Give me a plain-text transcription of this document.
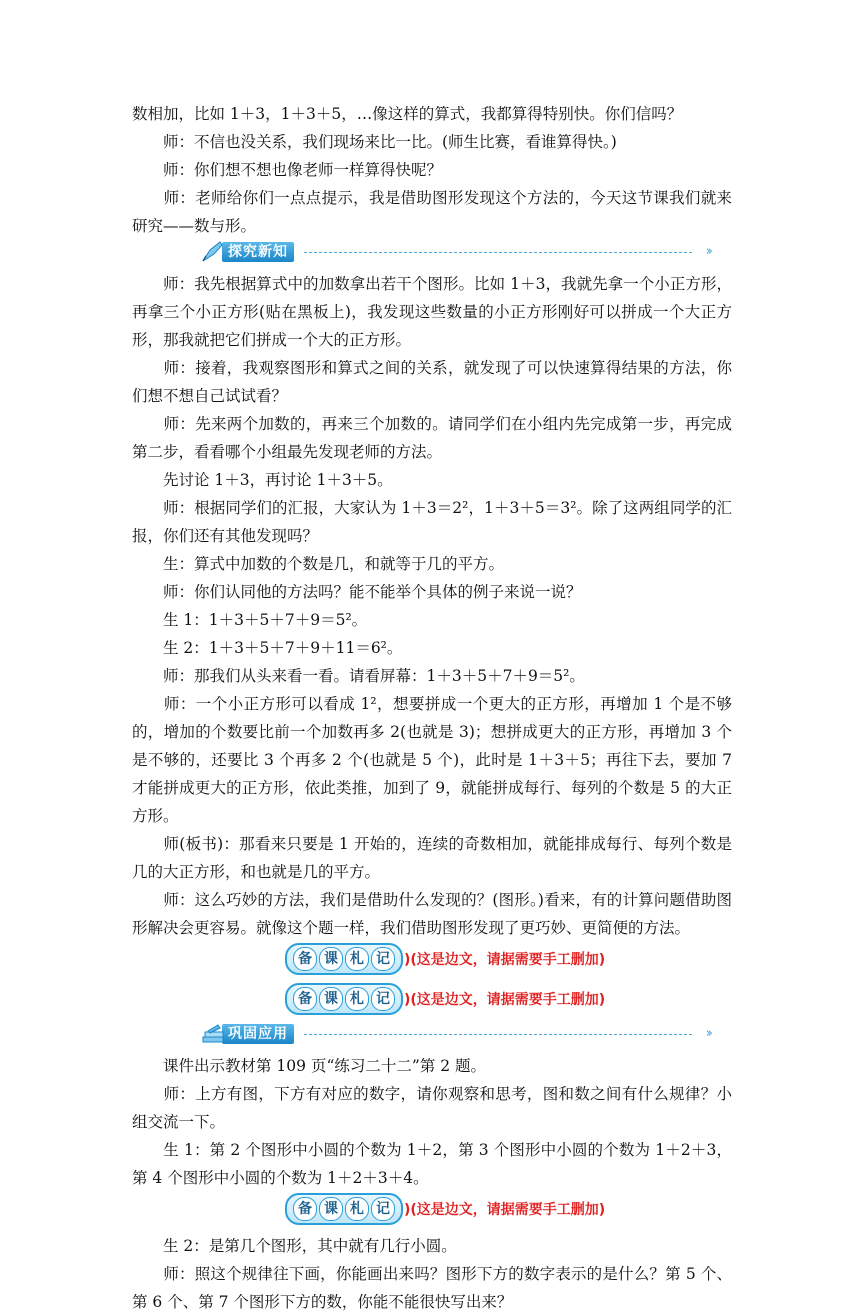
数相加，比如 1＋3，1＋3＋5，…像这样的算式，我都算得特别快。你们信吗？

　　师：不信也没关系，我们现场来比一比。(师生比赛，看谁算得快。)

　　师：你们想不想也像老师一样算得快呢？

　　师：老师给你们一点点提示，我是借助图形发现这个方法的，今天这节课我们就来研究——数与形。

探究新知	››

　　师：我先根据算式中的加数拿出若干个图形。比如 1＋3，我就先拿一个小正方形，再拿三个小正方形(贴在黑板上)，我发现这些数量的小正方形刚好可以拼成一个大正方形，那我就把它们拼成一个大的正方形。

　　师：接着，我观察图形和算式之间的关系，就发现了可以快速算得结果的方法，你们想不想自己试试看？

　　师：先来两个加数的，再来三个加数的。请同学们在小组内先完成第一步，再完成第二步，看看哪个小组最先发现老师的方法。

　　先讨论 1＋3，再讨论 1＋3＋5。

　　师：根据同学们的汇报，大家认为 1＋3＝2²，1＋3＋5＝3²。除了这两组同学的汇报，你们还有其他发现吗？

　　生：算式中加数的个数是几，和就等于几的平方。

　　师：你们认同他的方法吗？能不能举个具体的例子来说一说？

　　生 1：1＋3＋5＋7＋9＝5²。

　　生 2：1＋3＋5＋7＋9＋11＝6²。

　　师：那我们从头来看一看。请看屏幕：1＋3＋5＋7＋9＝5²。

　　师：一个小正方形可以看成 1²，想要拼成一个更大的正方形，再增加 1 个是不够的，增加的个数要比前一个加数再多 2(也就是 3)；想拼成更大的正方形，再增加 3 个是不够的，还要比 3 个再多 2 个(也就是 5 个)，此时是 1＋3＋5；再往下去，要加 7 才能拼成更大的正方形，依此类推，加到了 9，就能拼成每行、每列的个数是 5 的大正方形。

　　师(板书)：那看来只要是 1 开始的，连续的奇数相加，就能排成每行、每列个数是几的大正方形，和也就是几的平方。

　　师：这么巧妙的方法，我们是借助什么发现的？(图形。)看来，有的计算问题借助图形解决会更容易。就像这个题一样，我们借助图形发现了更巧妙、更简便的方法。

备 课 札 记	)(这是边文，请据需要手工删加)
备 课 札 记	)(这是边文，请据需要手工删加)
巩固应用	››

　　课件出示教材第 109 页“练习二十二”第 2 题。

　　师：上方有图，下方有对应的数字，请你观察和思考，图和数之间有什么规律？小组交流一下。

　　生 1：第 2 个图形中小圆的个数为 1＋2，第 3 个图形中小圆的个数为 1＋2＋3，第 4 个图形中小圆的个数为 1＋2＋3＋4。

备 课 札 记	)(这是边文，请据需要手工删加)

　　生 2：是第几个图形，其中就有几行小圆。

　　师：照这个规律往下画，你能画出来吗？图形下方的数字表示的是什么？第 5 个、第 6 个、第 7 个图形下方的数，你能不能很快写出来？
